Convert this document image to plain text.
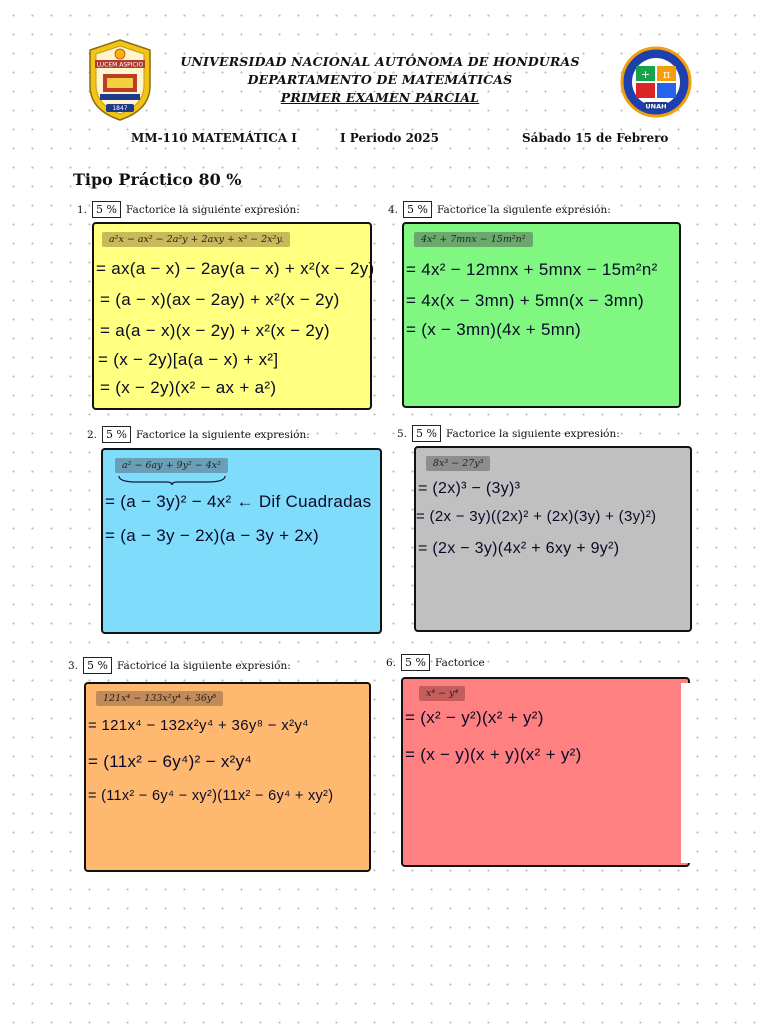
LUCEM ASPICIO
1847
UNIVERSIDAD NACIONAL AUTÓNOMA DE HONDURAS
DEPARTAMENTO DE MATEMÁTICAS
PRIMER EXAMEN PARCIAL
+ π
UNAH
MM-110 MATEMÁTICA I	I Periodo 2025	Sábado 15 de Febrero
Tipo Práctico 80 %
1. 5 % Factorice la siguiente expresión:
a²x − ax² − 2a²y + 2axy + x³ − 2x²y.
= ax(a − x) − 2ay(a − x) + x²(x − 2y)
= (a − x)(ax − 2ay) + x²(x − 2y)
= a(a − x)(x − 2y) + x²(x − 2y)
= (x − 2y)[a(a − x) + x²]
= (x − 2y)(x² − ax + a²)
4. 5 % Factorice la siguiente expresión:
4x² + 7mnx − 15m²n²
= 4x² − 12mnx + 5mnx − 15m²n²
= 4x(x − 3mn) + 5mn(x − 3mn)
= (x − 3mn)(4x + 5mn)
2. 5 % Factorice la siguiente expresión:
a² − 6ay + 9y² − 4x²
= (a − 3y)² − 4x² ← Dif Cuadradas
= (a − 3y − 2x)(a − 3y + 2x)
5. 5 % Factorice la siguiente expresión:
8x³ − 27y³
= (2x)³ − (3y)³
= (2x − 3y)((2x)² + (2x)(3y) + (3y)²)
= (2x − 3y)(4x² + 6xy + 9y²)
3. 5 % Factorice la siguiente expresión:
121x⁴ − 133x²y⁴ + 36y⁸
= 121x⁴ − 132x²y⁴ + 36y⁸ − x²y⁴
= (11x² − 6y⁴)² − x²y⁴
= (11x² − 6y⁴ − xy²)(11x² − 6y⁴ + xy²)
6. 5 % Factorice
x⁴ − y⁴
= (x² − y²)(x² + y²)
= (x − y)(x + y)(x² + y²)
